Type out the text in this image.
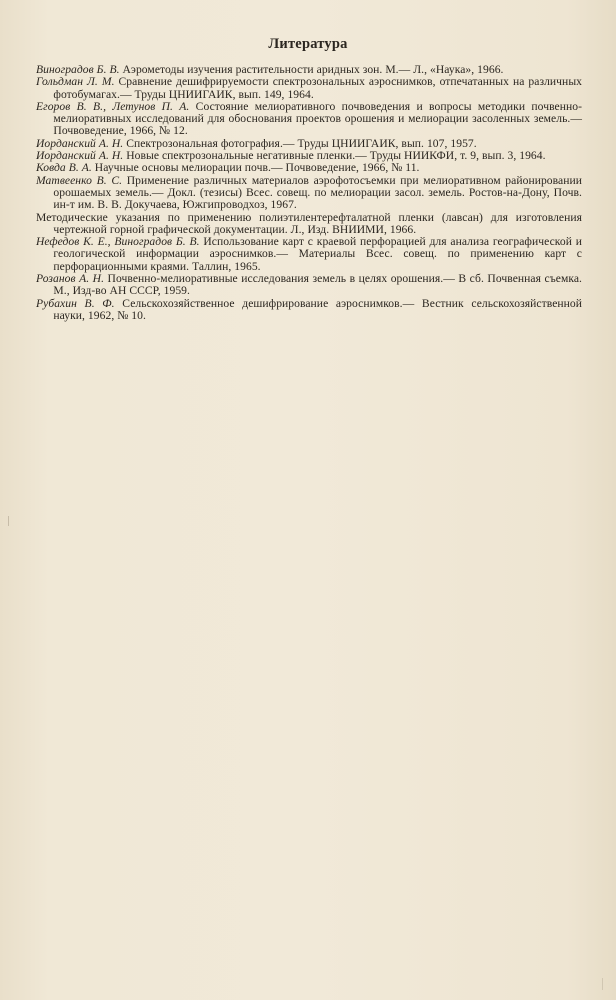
Литература

Виноградов Б. В. Аэрометоды изучения растительности аридных зон. М.— Л., «Наука», 1966.

Гольдман Л. М. Сравнение дешифрируемости спектрозональных аэроснимков, отпечатанных на различных фотобумагах.— Труды ЦНИИГАИК, вып. 149, 1964.

Егоров В. В., Летунов П. А. Состояние мелиоративного почвоведения и вопросы методики почвенно-мелиоративных исследований для обоснования проектов орошения и мелиорации засоленных земель.— Почвоведение, 1966, № 12.

Иорданский А. Н. Спектрозональная фотография.— Труды ЦНИИГАИК, вып. 107, 1957.

Иорданский А. Н. Новые спектрозональные негативные пленки.— Труды НИИКФИ, т. 9, вып. 3, 1964.

Ковда В. А. Научные основы мелиорации почв.— Почвоведение, 1966, № 11.

Матвеенко В. С. Применение различных материалов аэрофотосъемки при мелиоративном районировании орошаемых земель.— Докл. (тезисы) Всес. совещ. по мелиорации засол. земель. Ростов-на-Дону, Почв. ин-т им. В. В. Докучаева, Южгипроводхоз, 1967.

Методические указания по применению полиэтилентерефталатной пленки (лавсан) для изготовления чертежной горной графической документации. Л., Изд. ВНИИМИ, 1966.

Нефедов К. Е., Виноградов Б. В. Использование карт с краевой перфорацией для анализа географической и геологической информации аэроснимков.— Материалы Всес. совещ. по применению карт с перфорационными краями. Таллин, 1965.

Розанов А. Н. Почвенно-мелиоративные исследования земель в целях орошения.— В сб. Почвенная съемка. М., Изд-во АН СССР, 1959.

Рубахин В. Ф. Сельскохозяйственное дешифрирование аэроснимков.— Вестник сельскохозяйственной науки, 1962, № 10.
